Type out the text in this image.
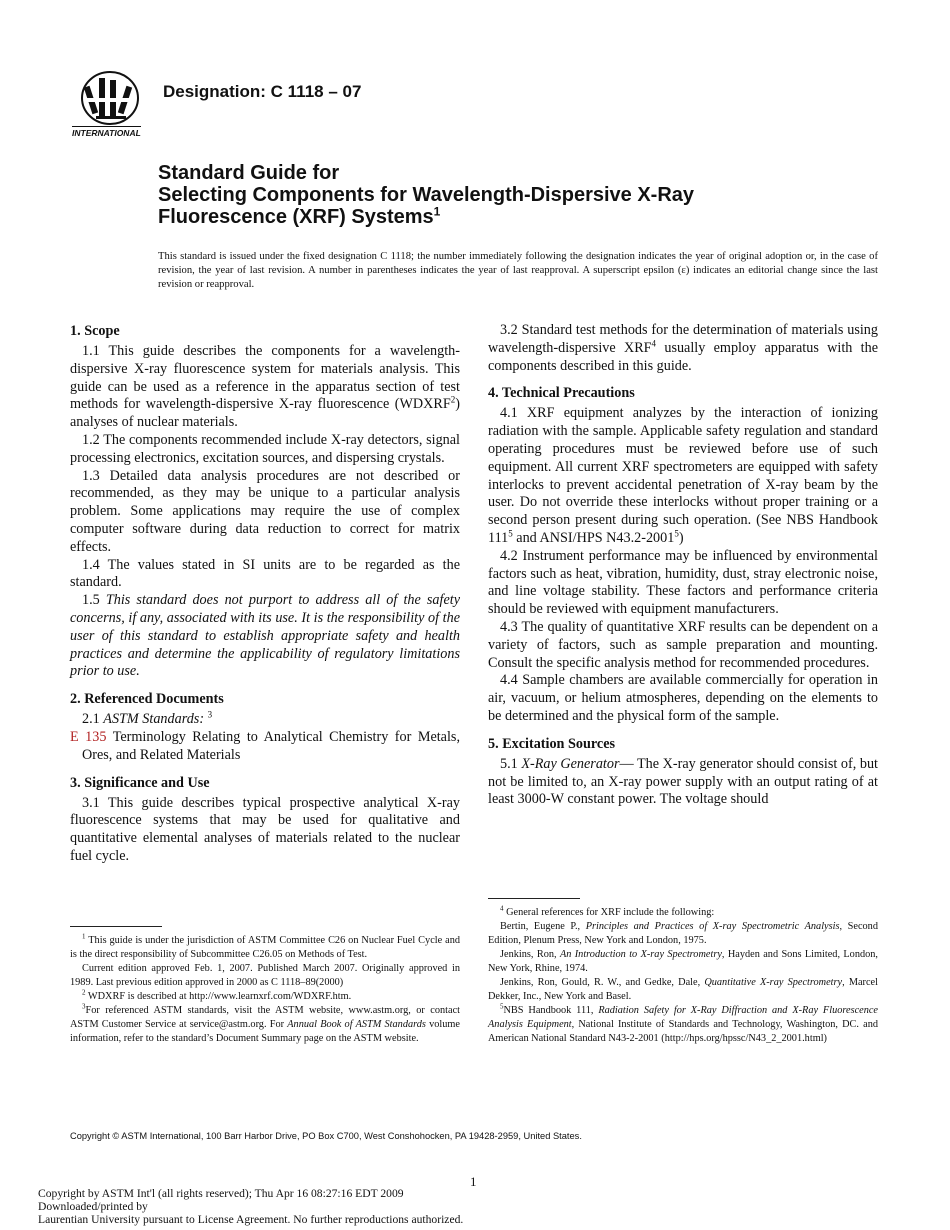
INTERNATIONAL
Designation: C 1118 – 07
Standard Guide for
Selecting Components for Wavelength-Dispersive X-Ray
Fluorescence (XRF) Systems$^1$
This standard is issued under the fixed designation C 1118; the number immediately following the designation indicates the year of original adoption or, in the case of revision, the year of last revision. A number in parentheses indicates the year of last reapproval. A superscript epsilon (ε) indicates an editorial change since the last revision or reapproval.
1. Scope

1.1 This guide describes the components for a wavelength-dispersive X-ray fluorescence system for materials analysis. This guide can be used as a reference in the apparatus section of test methods for wavelength-dispersive X-ray fluorescence (WDXRF$^2$) analyses of nuclear materials.

1.2 The components recommended include X-ray detectors, signal processing electronics, excitation sources, and dispersing crystals.

1.3 Detailed data analysis procedures are not described or recommended, as they may be unique to a particular analysis problem. Some applications may require the use of complex computer software during data reduction to correct for matrix effects.

1.4 The values stated in SI units are to be regarded as the standard.

1.5 This standard does not purport to address all of the safety concerns, if any, associated with its use. It is the responsibility of the user of this standard to establish appropriate safety and health practices and determine the applicability of regulatory limitations prior to use.

2. Referenced Documents

2.1 ASTM Standards: $^3$

E 135 Terminology Relating to Analytical Chemistry for Metals, Ores, and Related Materials

3. Significance and Use

3.1 This guide describes typical prospective analytical X-ray fluorescence systems that may be used for qualitative and quantitative elemental analyses of materials related to the nuclear fuel cycle.

3.2 Standard test methods for the determination of materials using wavelength-dispersive XRF$^4$ usually employ apparatus with the components described in this guide.

4. Technical Precautions

4.1 XRF equipment analyzes by the interaction of ionizing radiation with the sample. Applicable safety regulation and standard operating procedures must be reviewed before use of such equipment. All current XRF spectrometers are equipped with safety interlocks to prevent accidental penetration of X-ray beam by the user. Do not override these interlocks without proper training or a second person present during such operation. (See NBS Handbook $111^5$ and ANSI/HPS N43.2-2001$^5$)

4.2 Instrument performance may be influenced by environmental factors such as heat, vibration, humidity, dust, stray electronic noise, and line voltage stability. These factors and performance criteria should be reviewed with equipment manufacturers.

4.3 The quality of quantitative XRF results can be dependent on a variety of factors, such as sample preparation and mounting. Consult the specific analysis method for recommended procedures.

4.4 Sample chambers are available commercially for operation in air, vacuum, or helium atmospheres, depending on the elements to be determined and the physical form of the sample.

5. Excitation Sources

5.1 X-Ray Generator— The X-ray generator should consist of, but not be limited to, an X-ray power supply with an output rating of at least 3000-W constant power. The voltage should

$^1$ This guide is under the jurisdiction of ASTM Committee C26 on Nuclear Fuel Cycle and is the direct responsibility of Subcommittee C26.05 on Methods of Test.

Current edition approved Feb. 1, 2007. Published March 2007. Originally approved in 1989. Last previous edition approved in 2000 as C 1118–89(2000)

$^2$ WDXRF is described at http://www.learnxrf.com/WDXRF.htm.

$^3$For referenced ASTM standards, visit the ASTM website, www.astm.org, or contact ASTM Customer Service at service@astm.org. For Annual Book of ASTM Standards volume information, refer to the standard’s Document Summary page on the ASTM website.

$^4$ General references for XRF include the following:

Bertin, Eugene P., Principles and Practices of X-ray Spectrometric Analysis, Second Edition, Plenum Press, New York and London, 1975.

Jenkins, Ron, An Introduction to X-ray Spectrometry, Hayden and Sons Limited, London, New York, Rhine, 1974.

Jenkins, Ron, Gould, R. W., and Gedke, Dale, Quantitative X-ray Spectrometry, Marcel Dekker, Inc., New York and Basel.

$^5$NBS Handbook 111, Radiation Safety for X-Ray Diffraction and X-Ray Fluorescence Analysis Equipment, National Institute of Standards and Technology, Washington, DC. and American National Standard N43-2-2001 (http://hps.org/hpssc/N43_2_2001.html)

Copyright © ASTM International, 100 Barr Harbor Drive, PO Box C700, West Conshohocken, PA 19428-2959, United States.
1
Copyright by ASTM Int'l (all rights reserved); Thu Apr 16 08:27:16 EDT 2009
Downloaded/printed by
Laurentian University pursuant to License Agreement. No further reproductions authorized.
